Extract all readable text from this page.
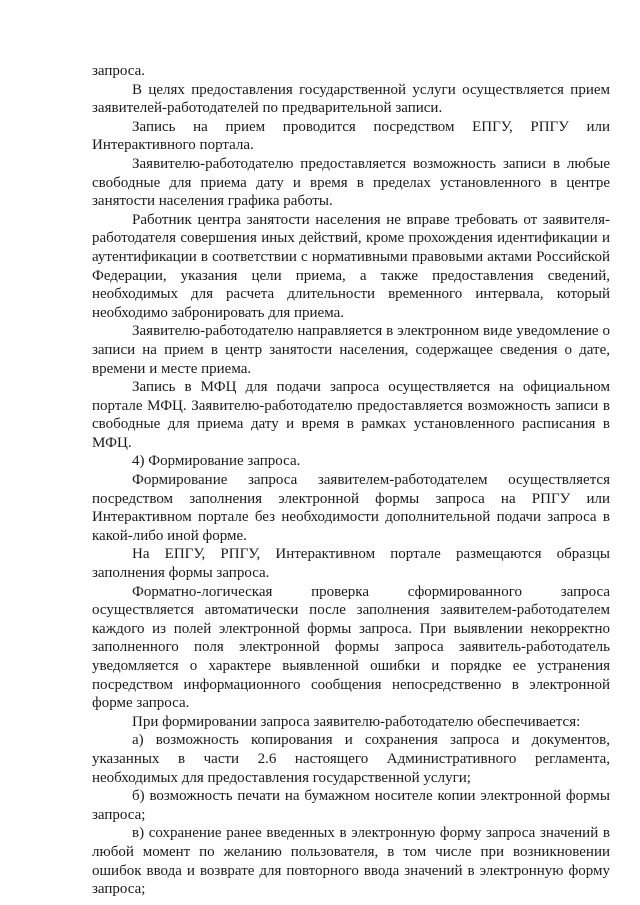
запроса.

В целях предоставления государственной услуги осуществляется прием заявителей-работодателей по предварительной записи.

Запись на прием проводится посредством ЕПГУ, РПГУ или Интерактивного портала.

Заявителю-работодателю предоставляется возможность записи в любые свободные для приема дату и время в пределах установленного в центре занятости населения графика работы.

Работник центра занятости населения не вправе требовать от заявителя-работодателя совершения иных действий, кроме прохождения идентификации и аутентификации в соответствии с нормативными правовыми актами Российской Федерации, указания цели приема, а также предоставления сведений, необходимых для расчета длительности временного интервала, который необходимо забронировать для приема.

Заявителю-работодателю направляется в электронном виде уведомление о записи на прием в центр занятости населения, содержащее сведения о дате, времени и месте приема.

Запись в МФЦ для подачи запроса осуществляется на официальном портале МФЦ. Заявителю-работодателю предоставляется возможность записи в свободные для приема дату и время в рамках установленного расписания в МФЦ.

4) Формирование запроса.

Формирование запроса заявителем-работодателем осуществляется посредством заполнения электронной формы запроса на РПГУ или Интерактивном портале без необходимости дополнительной подачи запроса в какой-либо иной форме.

На ЕПГУ, РПГУ, Интерактивном портале размещаются образцы заполнения формы запроса.

Форматно-логическая проверка сформированного запроса осуществляется автоматически после заполнения заявителем-работодателем каждого из полей электронной формы запроса. При выявлении некорректно заполненного поля электронной формы запроса заявитель-работодатель уведомляется о характере выявленной ошибки и порядке ее устранения посредством информационного сообщения непосредственно в электронной форме запроса.

При формировании запроса заявителю-работодателю обеспечивается:

а) возможность копирования и сохранения запроса и документов, указанных в части 2.6 настоящего Административного регламента, необходимых для предоставления государственной услуги;

б) возможность печати на бумажном носителе копии электронной формы запроса;

в) сохранение ранее введенных в электронную форму запроса значений в любой момент по желанию пользователя, в том числе при возникновении ошибок ввода и возврате для повторного ввода значений в электронную форму запроса;
